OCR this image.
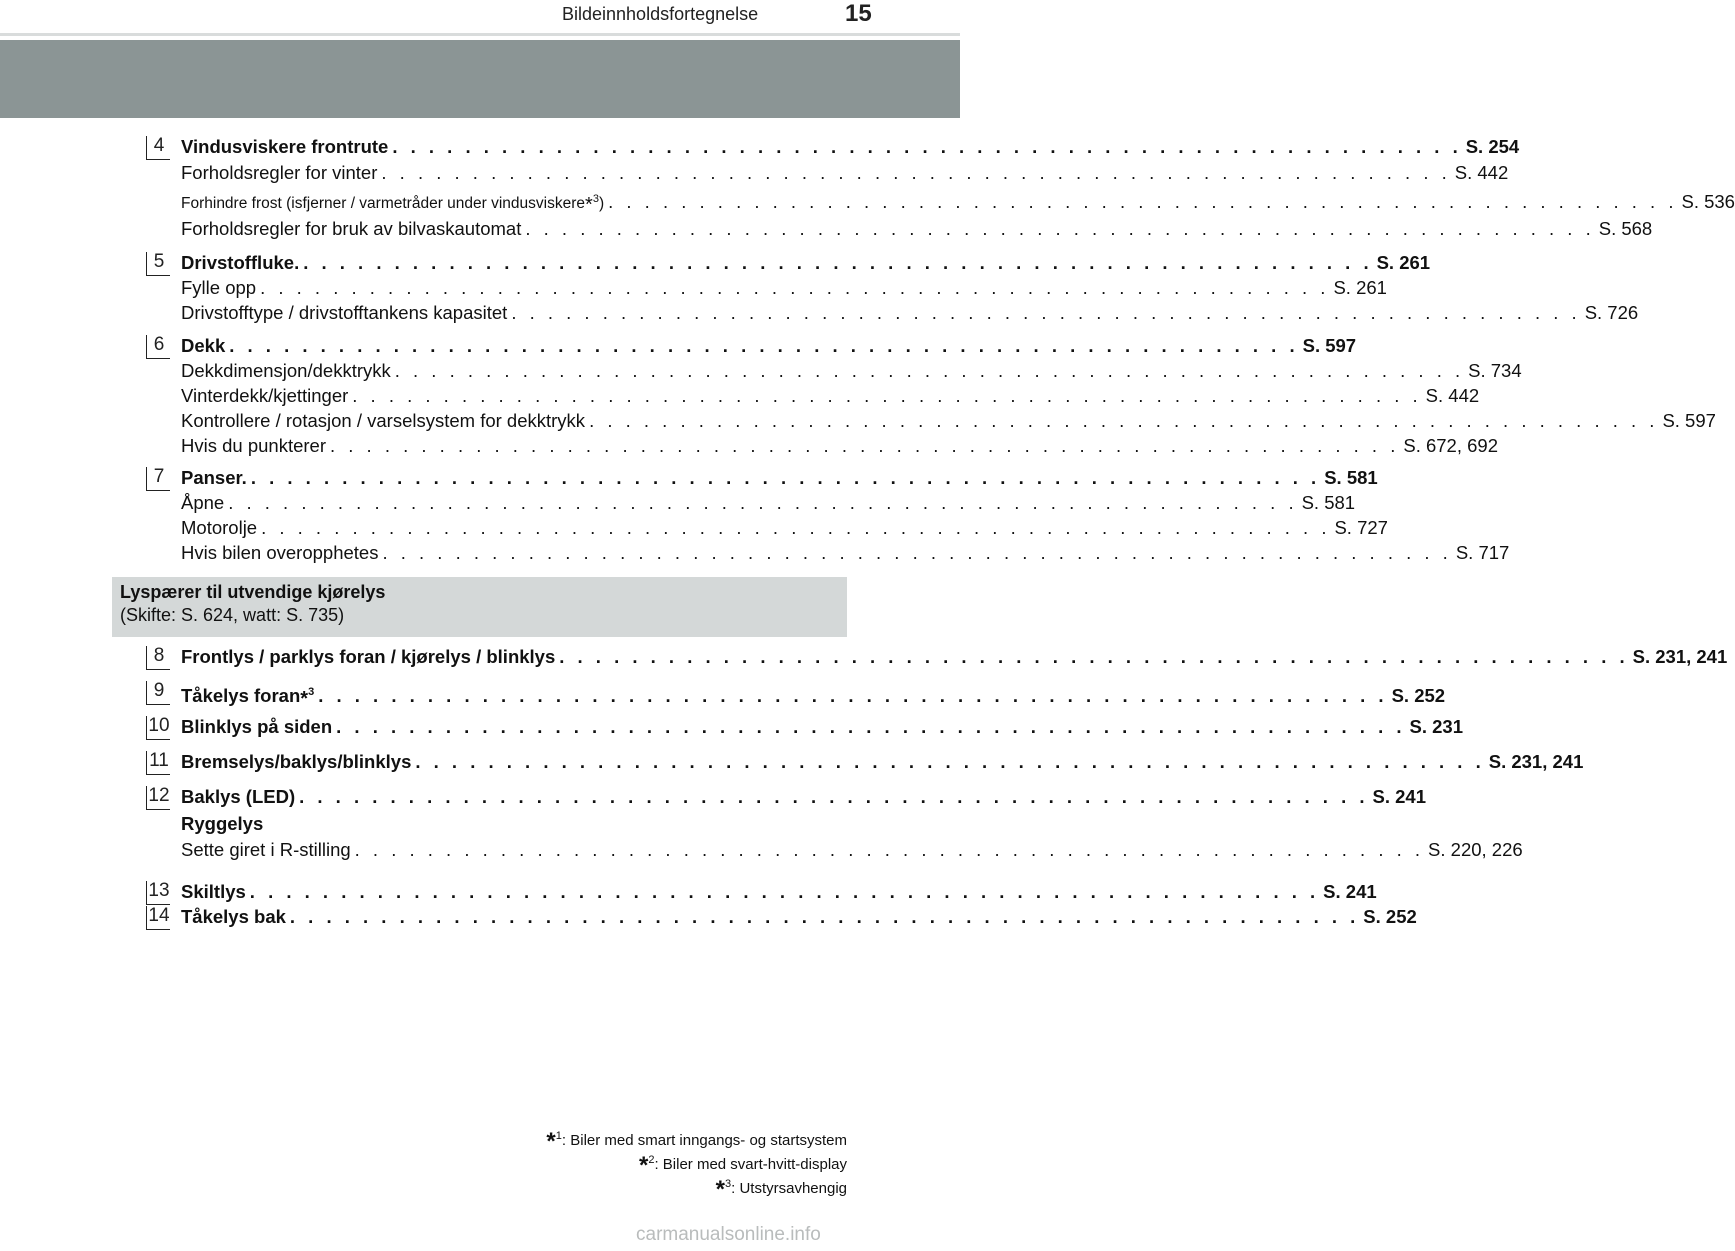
Bildeinnholdsfortegnelse	15
4 Vindusviskere frontrute . . . . . . . . . . . . . . . . . . . . . . . . . . . . . . . . . . . . . . . . . . . . . . . . . . . . . . . . . . . S. 254
Forholdsregler for vinter . . . . . . . . . . . . . . . . . . . . . . . . . . . . . . . . . . . . . . . . . . . . . . . . . . . . . . . . . . . S. 442
Forhindre frost (isfjerner / varmetråder under vindusviskere*$^3$) . . . . . . . . . . . . . . . . . . . . . . . . . . . . . . . . . . . . . . . . . . . . . . . . . . . . . . . . . . . S. 536
Forholdsregler for bruk av bilvaskautomat . . . . . . . . . . . . . . . . . . . . . . . . . . . . . . . . . . . . . . . . . . . . . . . . . . . . . . . . . . . S. 568
5 Drivstoffluke. . . . . . . . . . . . . . . . . . . . . . . . . . . . . . . . . . . . . . . . . . . . . . . . . . . . . . . . . . . . S. 261
Fylle opp . . . . . . . . . . . . . . . . . . . . . . . . . . . . . . . . . . . . . . . . . . . . . . . . . . . . . . . . . . . S. 261
Drivstofftype / drivstofftankens kapasitet . . . . . . . . . . . . . . . . . . . . . . . . . . . . . . . . . . . . . . . . . . . . . . . . . . . . . . . . . . . S. 726
6 Dekk . . . . . . . . . . . . . . . . . . . . . . . . . . . . . . . . . . . . . . . . . . . . . . . . . . . . . . . . . . . S. 597
Dekkdimensjon/dekktrykk . . . . . . . . . . . . . . . . . . . . . . . . . . . . . . . . . . . . . . . . . . . . . . . . . . . . . . . . . . . S. 734
Vinterdekk/kjettinger . . . . . . . . . . . . . . . . . . . . . . . . . . . . . . . . . . . . . . . . . . . . . . . . . . . . . . . . . . . S. 442
Kontrollere / rotasjon / varselsystem for dekktrykk . . . . . . . . . . . . . . . . . . . . . . . . . . . . . . . . . . . . . . . . . . . . . . . . . . . . . . . . . . . S. 597
Hvis du punkterer . . . . . . . . . . . . . . . . . . . . . . . . . . . . . . . . . . . . . . . . . . . . . . . . . . . . . . . . . . . S. 672, 692
7 Panser. . . . . . . . . . . . . . . . . . . . . . . . . . . . . . . . . . . . . . . . . . . . . . . . . . . . . . . . . . . . S. 581
Åpne . . . . . . . . . . . . . . . . . . . . . . . . . . . . . . . . . . . . . . . . . . . . . . . . . . . . . . . . . . . S. 581
Motorolje . . . . . . . . . . . . . . . . . . . . . . . . . . . . . . . . . . . . . . . . . . . . . . . . . . . . . . . . . . . S. 727
Hvis bilen overopphetes . . . . . . . . . . . . . . . . . . . . . . . . . . . . . . . . . . . . . . . . . . . . . . . . . . . . . . . . . . . S. 717
8 Frontlys / parklys foran / kjørelys / blinklys . . . . . . . . . . . . . . . . . . . . . . . . . . . . . . . . . . . . . . . . . . . . . . . . . . . . . . . . . . . S. 231, 241
9 Tåkelys foran*$^3$ . . . . . . . . . . . . . . . . . . . . . . . . . . . . . . . . . . . . . . . . . . . . . . . . . . . . . . . . . . . S. 252
10 Blinklys på siden . . . . . . . . . . . . . . . . . . . . . . . . . . . . . . . . . . . . . . . . . . . . . . . . . . . . . . . . . . . S. 231
11 Bremselys/baklys/blinklys . . . . . . . . . . . . . . . . . . . . . . . . . . . . . . . . . . . . . . . . . . . . . . . . . . . . . . . . . . . S. 231, 241
12 Baklys (LED) . . . . . . . . . . . . . . . . . . . . . . . . . . . . . . . . . . . . . . . . . . . . . . . . . . . . . . . . . . . S. 241
Ryggelys
Sette giret i R-stilling . . . . . . . . . . . . . . . . . . . . . . . . . . . . . . . . . . . . . . . . . . . . . . . . . . . . . . . . . . . S. 220, 226
13 Skiltlys . . . . . . . . . . . . . . . . . . . . . . . . . . . . . . . . . . . . . . . . . . . . . . . . . . . . . . . . . . . S. 241
14 Tåkelys bak . . . . . . . . . . . . . . . . . . . . . . . . . . . . . . . . . . . . . . . . . . . . . . . . . . . . . . . . . . . S. 252
Lyspærer til utvendige kjørelys
(Skifte: S. 624, watt: S. 735)
*$^1$: Biler med smart inngangs- og startsystem
*$^2$: Biler med svart-hvitt-display
*$^3$: Utstyrsavhengig
carmanualsonline.info
